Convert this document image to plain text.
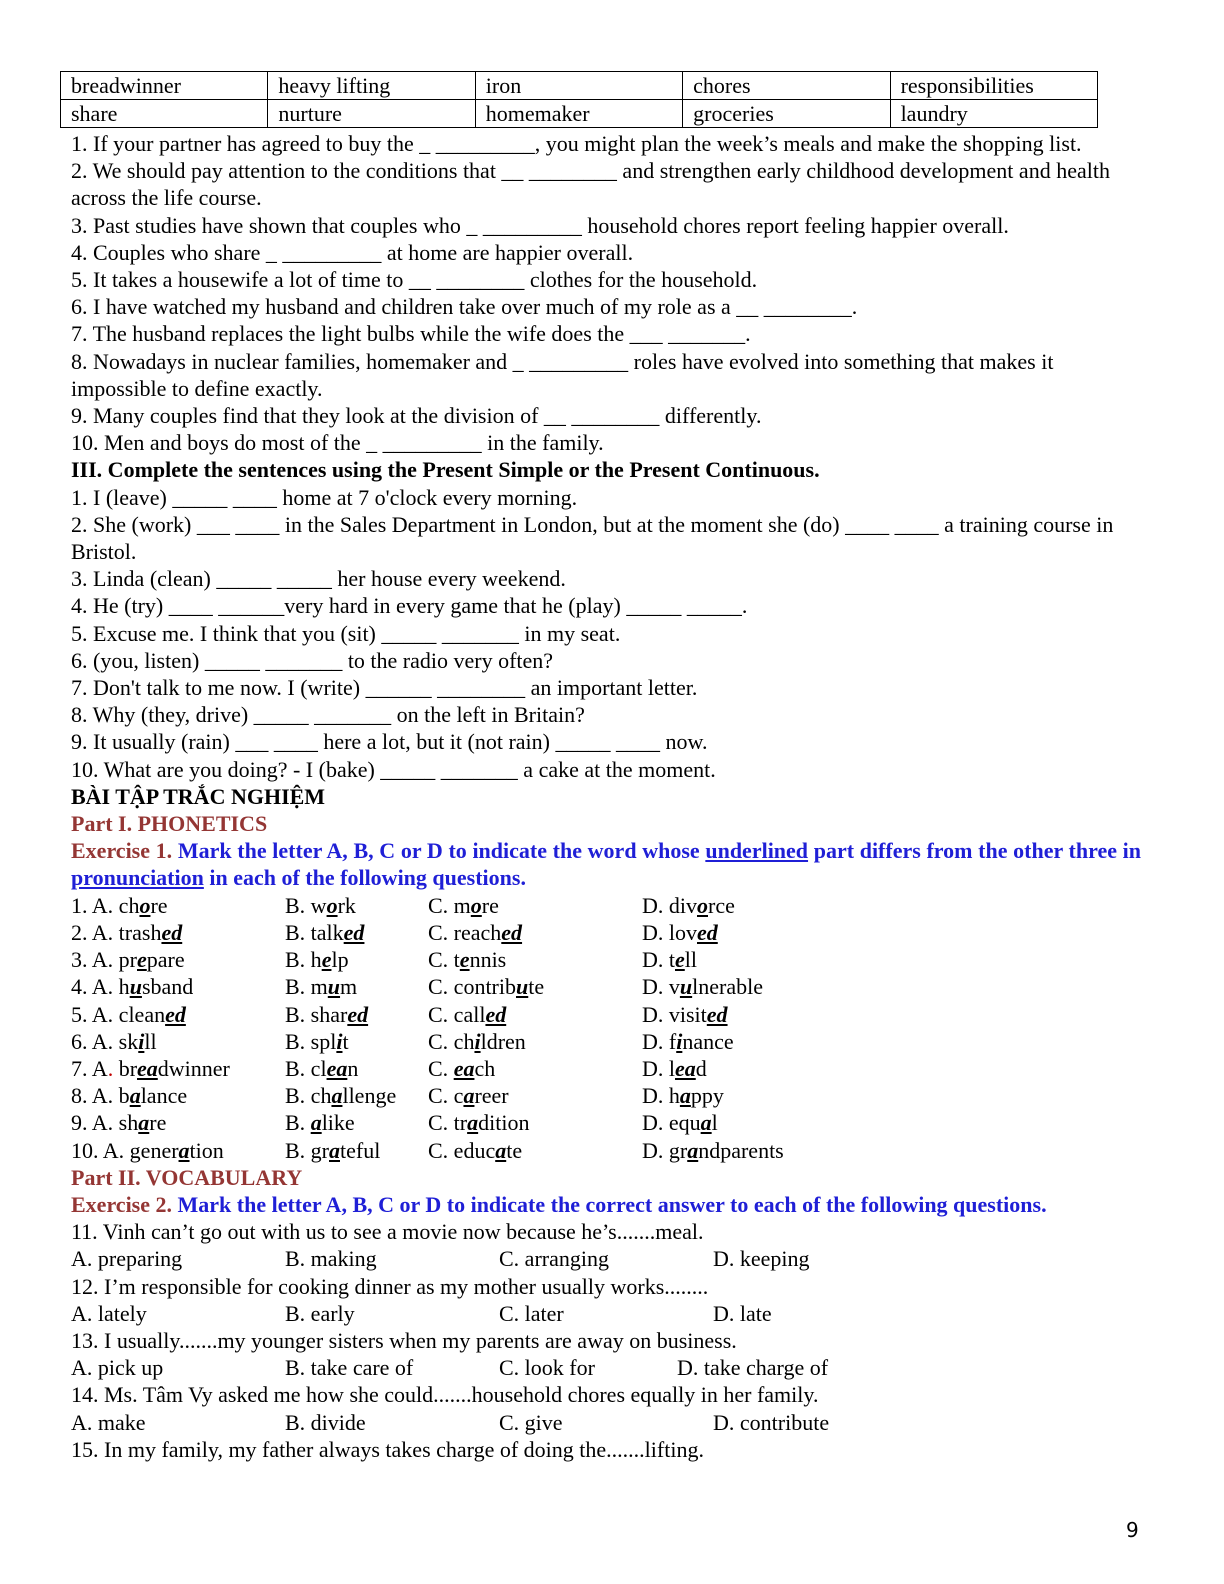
breadwinner	heavy lifting	iron	chores	responsibilities
share	nurture	homemaker	groceries	laundry
1. If your partner has agreed to buy the _ _________, you might plan the week’s meals and make the shopping list.
2. We should pay attention to the conditions that __ ________ and strengthen early childhood development and health across the life course.
3. Past studies have shown that couples who _ _________ household chores report feeling happier overall.
4. Couples who share _ _________ at home are happier overall.
5. It takes a housewife a lot of time to __ ________ clothes for the household.
6. I have watched my husband and children take over much of my role as a __ ________.
7. The husband replaces the light bulbs while the wife does the ___ _______.
8. Nowadays in nuclear families, homemaker and _ _________ roles have evolved into something that makes it impossible to define exactly.
9. Many couples find that they look at the division of __ ________ differently.
10. Men and boys do most of the _ _________ in the family.
III. Complete the sentences using the Present Simple or the Present Continuous.
1. I (leave) _____ ____ home at 7 o'clock every morning.
2. She (work) ___ ____ in the Sales Department in London, but at the moment she (do) ____ ____ a training course in Bristol.
3. Linda (clean) _____ _____ her house every weekend.
4. He (try) ____ ______very hard in every game that he (play) _____ _____.
5. Excuse me. I think that you (sit) _____ _______ in my seat.
6. (you, listen) _____ _______ to the radio very often?
7. Don't talk to me now. I (write) ______ ________ an important letter.
8. Why (they, drive) _____ _______ on the left in Britain?
9. It usually (rain) ___ ____ here a lot, but it (not rain) _____ ____ now.
10. What are you doing? - I (bake) _____ _______ a cake at the moment.
BÀI TẬP TRẮC NGHIỆM
Part I. PHONETICS
Exercise 1. Mark the letter A, B, C or D to indicate the word whose underlined part differs from the other three in pronunciation in each of the following questions.
1. A. chore	B. work	C. more	D. divorce
2. A. trashed	B. talked	C. reached	D. loved
3. A. prepare	B. help	C. tennis	D. tell
4. A. husband	B. mum	C. contribute	D. vulnerable
5. A. cleaned	B. shared	C. called	D. visited
6. A. skill	B. split	C. children	D. finance
7. A. breadwinner	B. clean	C. each	D. lead
8. A. balance	B. challenge	C. career	D. happy
9. A. share	B. alike	C. tradition	D. equal
10. A. generation	B. grateful	C. educate	D. grandparents
Part II. VOCABULARY
Exercise 2. Mark the letter A, B, C or D to indicate the correct answer to each of the following questions.
11. Vinh can’t go out with us to see a movie now because he’s.......meal.
A. preparing	B. making	C. arranging	D. keeping
12. I’m responsible for cooking dinner as my mother usually works........
A. lately	B. early	C. later	D. late
13. I usually.......my younger sisters when my parents are away on business.
A. pick up	B. take care of	C. look for	D. take charge of
14. Ms. Tâm Vy asked me how she could.......household chores equally in her family.
A. make	B. divide	C. give	D. contribute
15. In my family, my father always takes charge of doing the.......lifting.
9
